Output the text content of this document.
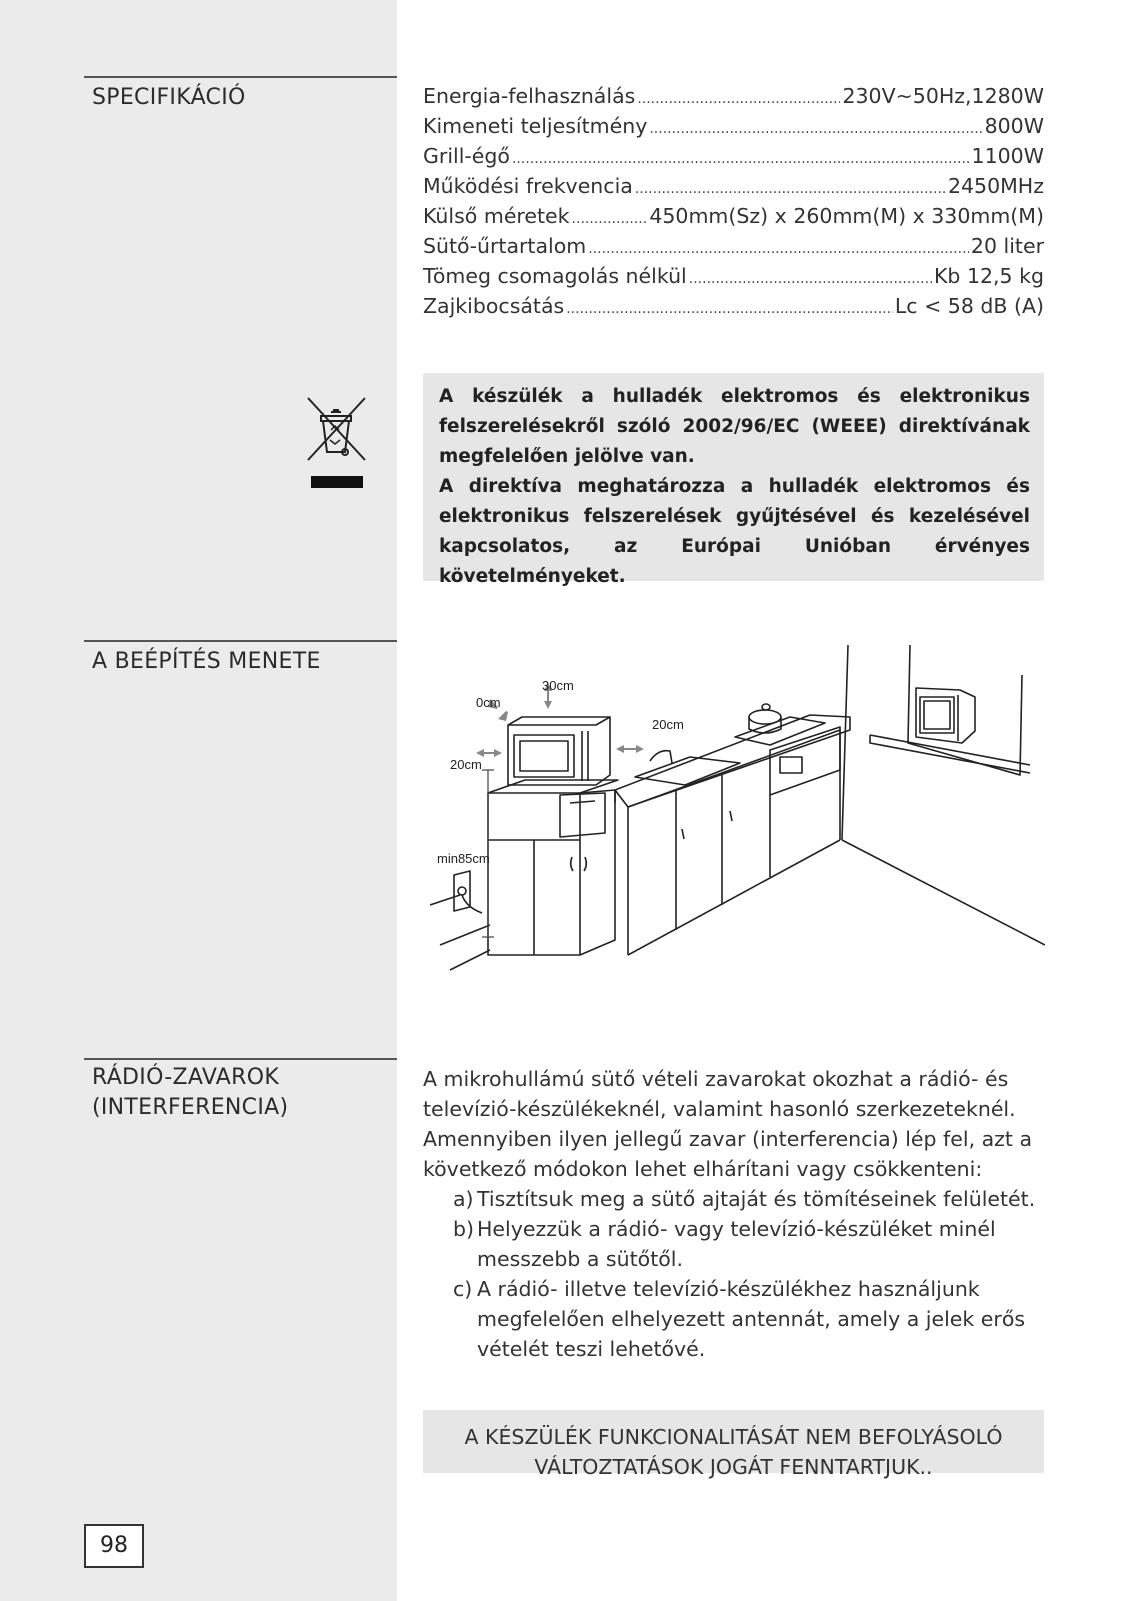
SPECIFIKÁCIÓ	Energia-felhasználás .....	230V~50Hz,1280W
Kimeneti teljesítmény .....	800W
Grill-égő .....	1100W
Működési frekvencia .....	2450MHz
Külső méretek .....	450mm(Sz) x 260mm(M) x 330mm(M)
Sütő-űrtartalom .....	20 liter
Tömeg csomagolás nélkül .....	Kb 12,5 kg
Zajkibocsátás .....	Lc < 58 dB (A)

A készülék a hulladék elektromos és elektronikus felszerelésekről szóló 2002/96/EC (WEEE) direktívának megfelelően jelölve van.

A direktíva meghatározza a hulladék elektromos és elektronikus felszerelések gyűjtésével és kezelésével kapcsolatos, az Európai Unióban érvényes követelményeket.

A BEÉPÍTÉS MENETE
30cm
0cm
20cm
20cm
min85cm
RÁDIÓ-ZAVAROK
(INTERFERENCIA)

A mikrohullámú sütő vételi zavarokat okozhat a rádió- és televízió-készülékeknél, valamint hasonló szerkezeteknél. Amennyiben ilyen jellegű zavar (interferencia) lép fel, azt a következő módokon lehet elhárítani vagy csökkenteni:

a) Tisztítsuk meg a sütő ajtaját és tömítéseinek felületét.
b) Helyezzük a rádió- vagy televízió-készüléket minél messzebb a sütőtől.
c) A rádió- illetve televízió-készülékhez használjunk megfelelően elhelyezett antennát, amely a jelek erős vételét teszi lehetővé.
A KÉSZÜLÉK FUNKCIONALITÁSÁT NEM BEFOLYÁSOLÓ
VÁLTOZTATÁSOK JOGÁT FENNTARTJUK..
98
